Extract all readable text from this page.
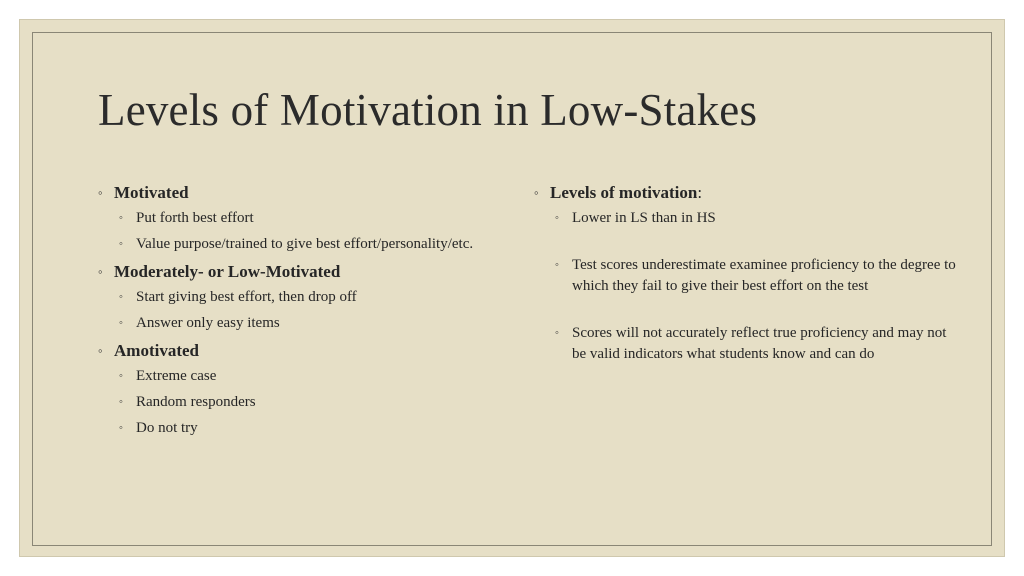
Levels of Motivation in Low-Stakes
◦ Motivated
◦ Put forth best effort
◦ Value purpose/trained to give best effort/personality/etc.
◦ Moderately- or Low-Motivated
◦ Start giving best effort, then drop off
◦ Answer only easy items
◦ Amotivated
◦ Extreme case
◦ Random responders
◦ Do not try
◦ Levels of motivation:
◦ Lower in LS than in HS
◦ Test scores underestimate examinee proficiency to the degree to which they fail to give their best effort on the test
◦ Scores will not accurately reflect true proficiency and may not be valid indicators what students know and can do
